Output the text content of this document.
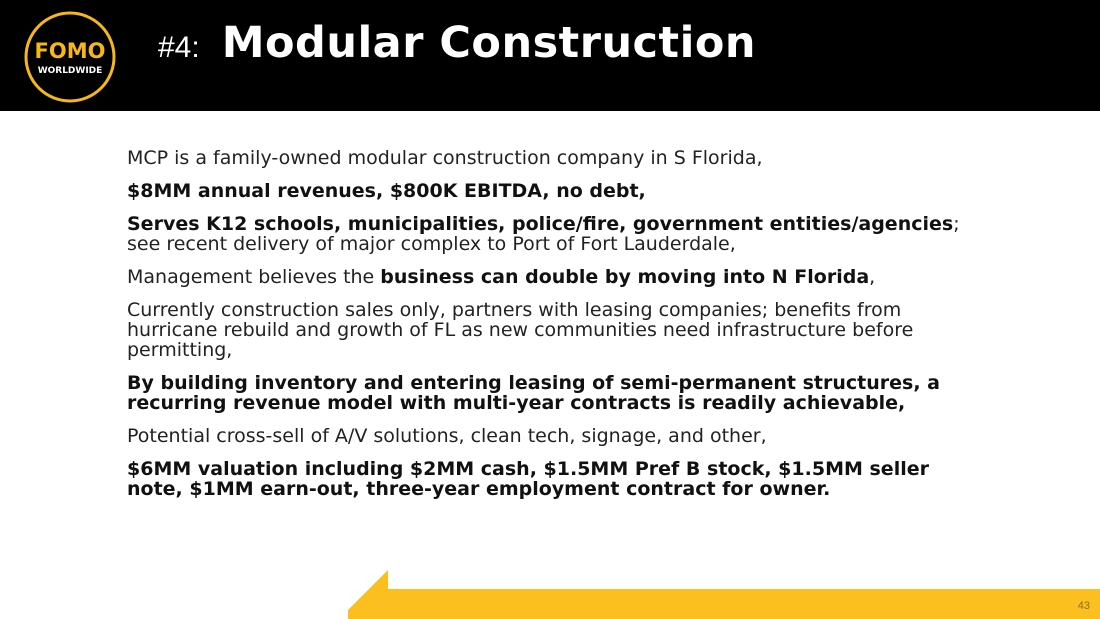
FOMO
WORLDWIDE
#4: Modular Construction

MCP is a family-owned modular construction company in S Florida,

$8MM annual revenues, $800K EBITDA, no debt,

Serves K12 schools, municipalities, police/fire, government entities/agencies; see recent delivery of major complex to Port of Fort Lauderdale,

Management believes the business can double by moving into N Florida,

Currently construction sales only, partners with leasing companies; benefits from hurricane rebuild and growth of FL as new communities need infrastructure before permitting,

By building inventory and entering leasing of semi-permanent structures, a recurring revenue model with multi-year contracts is readily achievable,

Potential cross-sell of A/V solutions, clean tech, signage, and other,

$6MM valuation including $2MM cash, $1.5MM Pref B stock, $1.5MM seller note, $1MM earn-out, three-year employment contract for owner.

43
